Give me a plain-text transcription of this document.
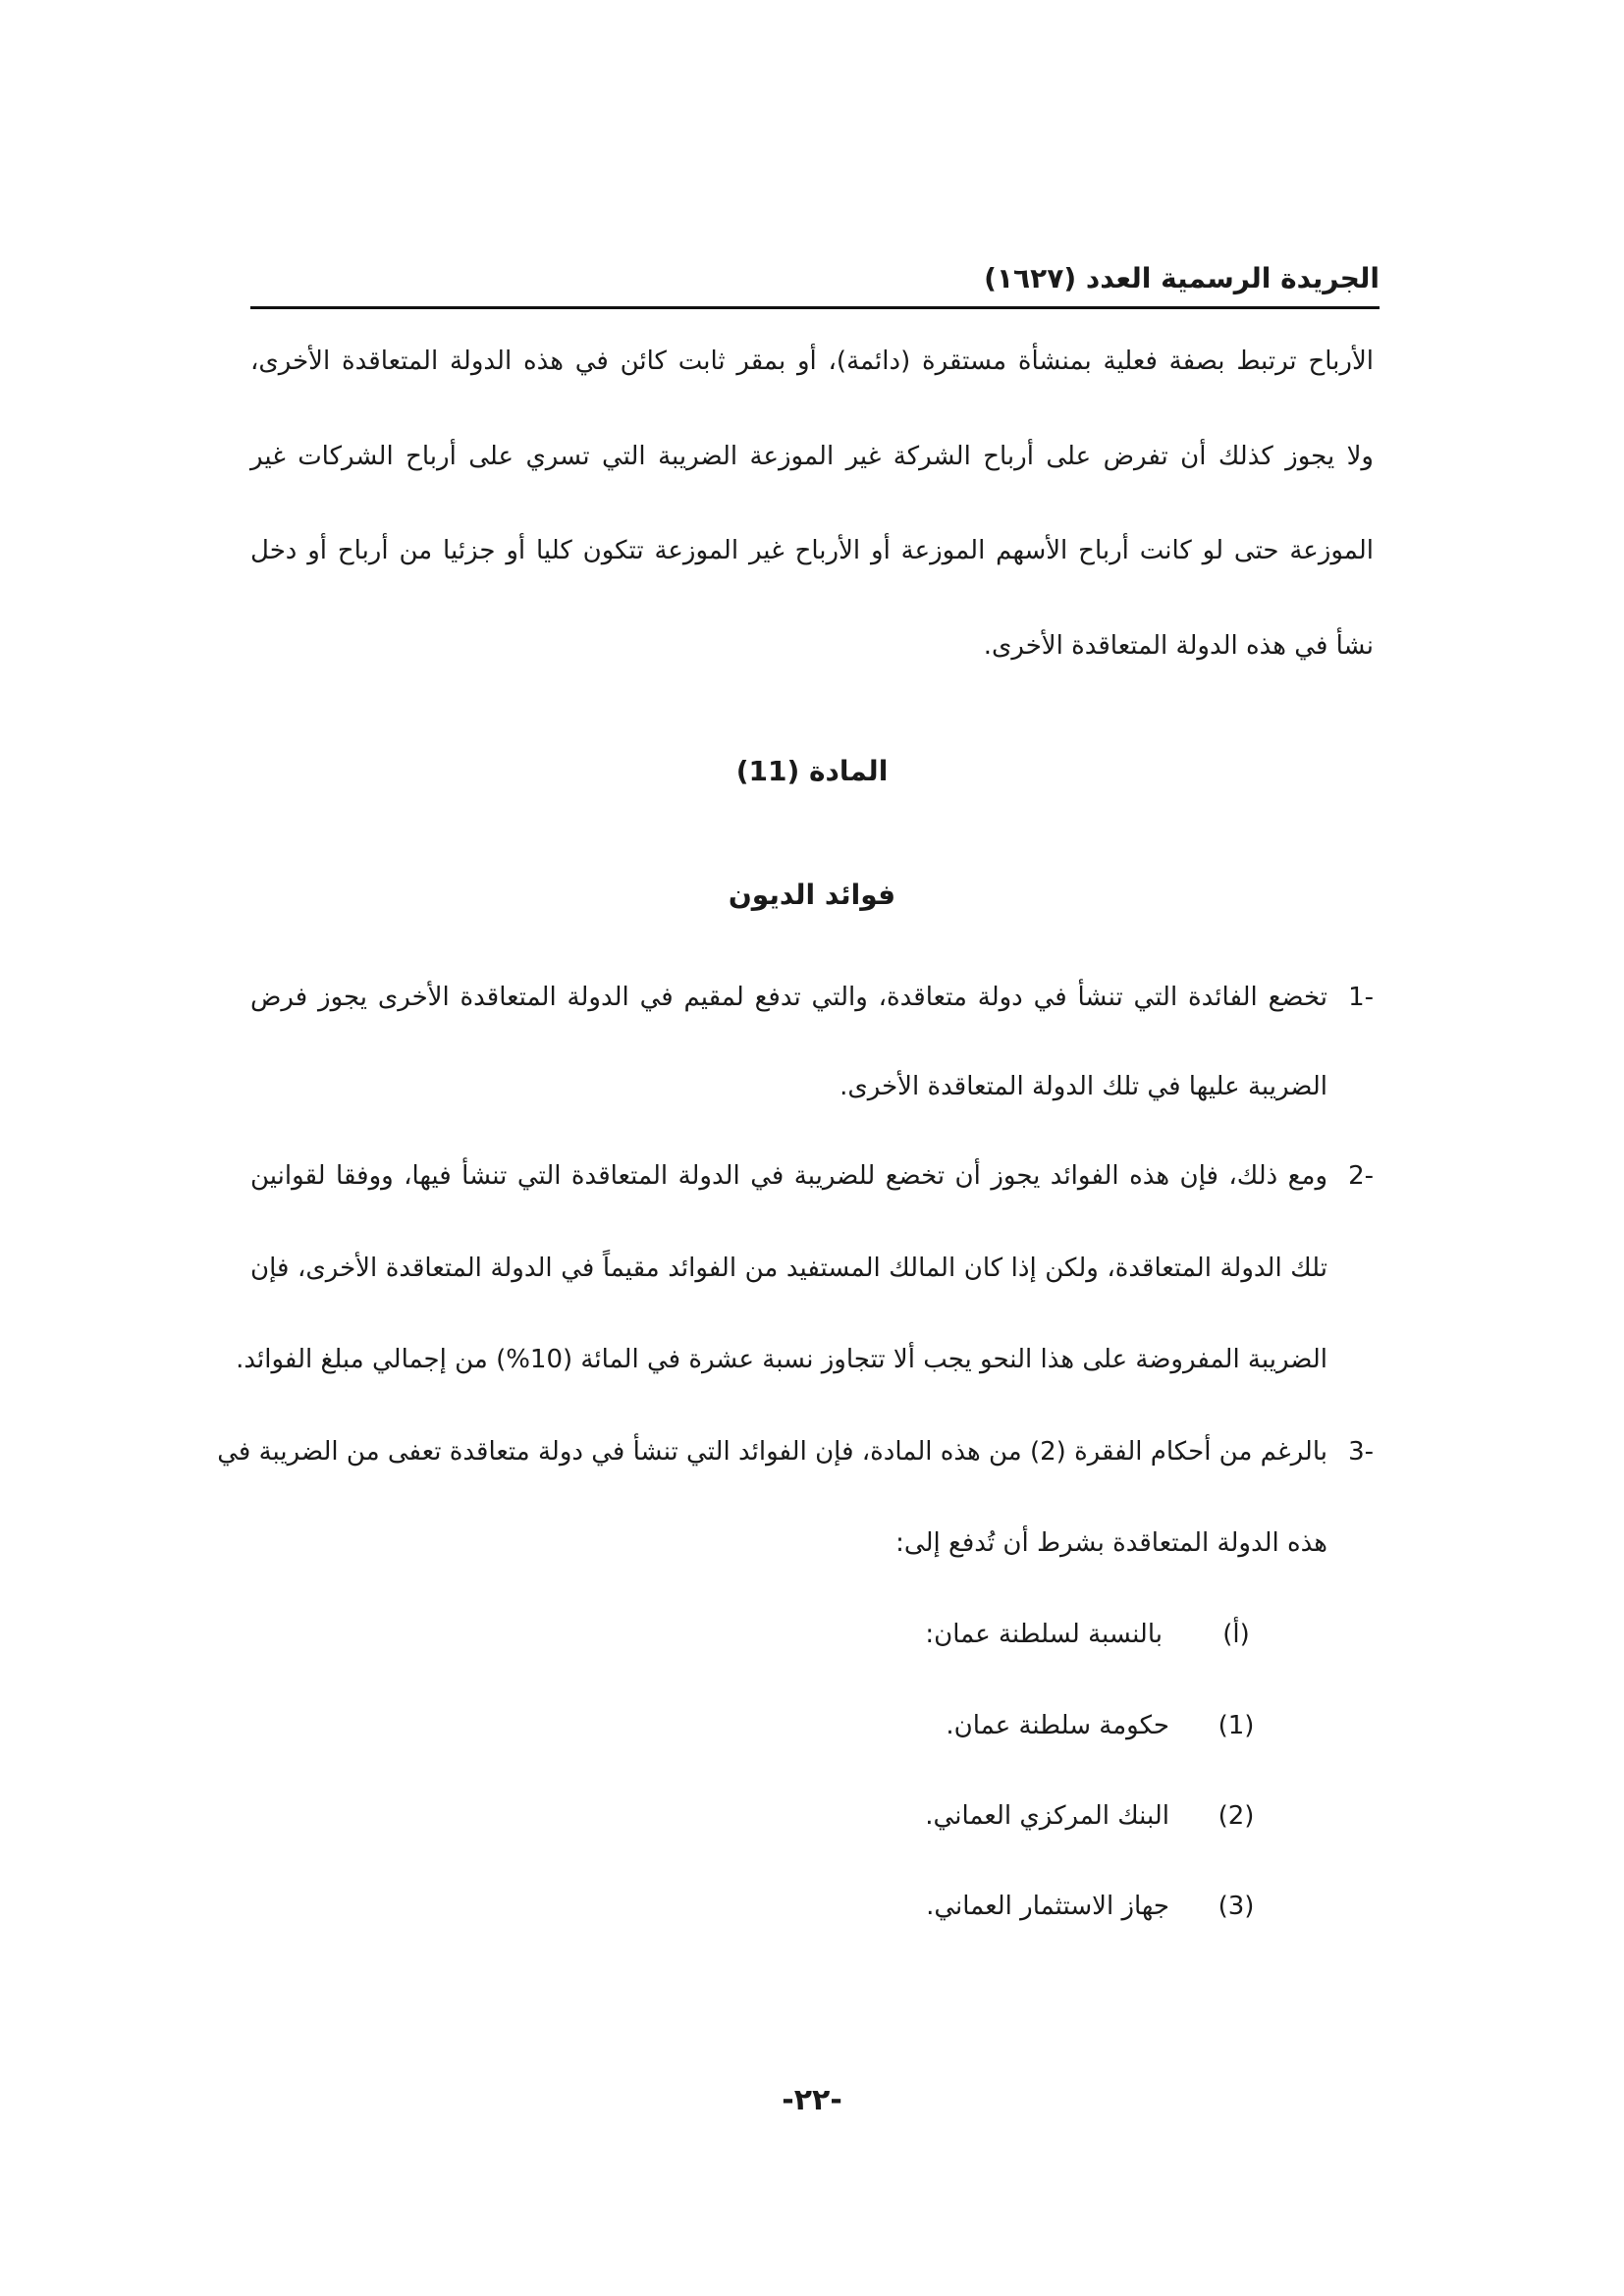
الجريدة الرسمية العدد (١٦٢٧)
الأرباح ترتبط بصفة فعلية بمنشأة مستقرة (دائمة)، أو بمقر ثابت كائن في هذه الدولة المتعاقدة الأخرى،
ولا يجوز كذلك أن تفرض على أرباح الشركة غير الموزعة الضريبة التي تسري على أرباح الشركات غير
الموزعة حتى لو كانت أرباح الأسهم الموزعة أو الأرباح غير الموزعة تتكون كليا أو جزئيا من أرباح أو دخل
نشأ في هذه الدولة المتعاقدة الأخرى.
المادة (11)
فوائد الديون
-1
تخضع الفائدة التي تنشأ في دولة متعاقدة، والتي تدفع لمقيم في الدولة المتعاقدة الأخرى يجوز فرض
الضريبة عليها في تلك الدولة المتعاقدة الأخرى.
-2
ومع ذلك، فإن هذه الفوائد يجوز أن تخضع للضريبة في الدولة المتعاقدة التي تنشأ فيها، ووفقا لقوانين
تلك الدولة المتعاقدة، ولكن إذا كان المالك المستفيد من الفوائد مقيماً في الدولة المتعاقدة الأخرى، فإن
الضريبة المفروضة على هذا النحو يجب ألا تتجاوز نسبة عشرة في المائة (10%) من إجمالي مبلغ الفوائد.
-3
بالرغم من أحكام الفقرة (2) من هذه المادة، فإن الفوائد التي تنشأ في دولة متعاقدة تعفى من الضريبة في
هذه الدولة المتعاقدة بشرط أن تُدفع إلى:
(أ)
بالنسبة لسلطنة عمان:
(1)
حكومة سلطنة عمان.
(2)
البنك المركزي العماني.
(3)
جهاز الاستثمار العماني.
-٢٢-
